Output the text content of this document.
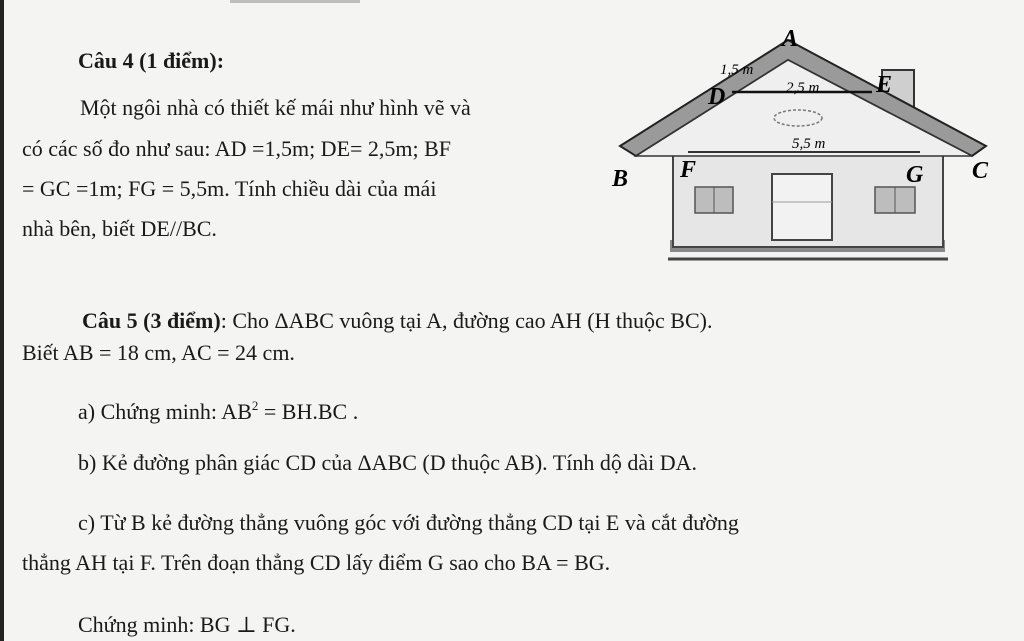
Câu 4 (1 điểm):
Một ngôi nhà có thiết kế mái như hình vẽ và
có các số đo như sau: AD =1,5m; DE= 2,5m; BF
= GC =1m; FG = 5,5m. Tính chiều dài của mái
nhà bên, biết DE//BC.
A
1,5 m
D	2,5 m E
5,5 m
B F	G C
Câu 5 (3 điểm): Cho ΔABC vuông tại A, đường cao AH (H thuộc BC).
Biết AB = 18 cm, AC = 24 cm.
a) Chứng minh: $AB^2 = BH.BC$ .
b) Kẻ đường phân giác CD của ΔABC (D thuộc AB). Tính dộ dài DA.
c) Từ B kẻ đường thẳng vuông góc với đường thẳng CD tại E và cắt đường
thẳng AH tại F. Trên đoạn thẳng CD lấy điểm G sao cho BA = BG.
Chứng minh: BG ⊥ FG.
